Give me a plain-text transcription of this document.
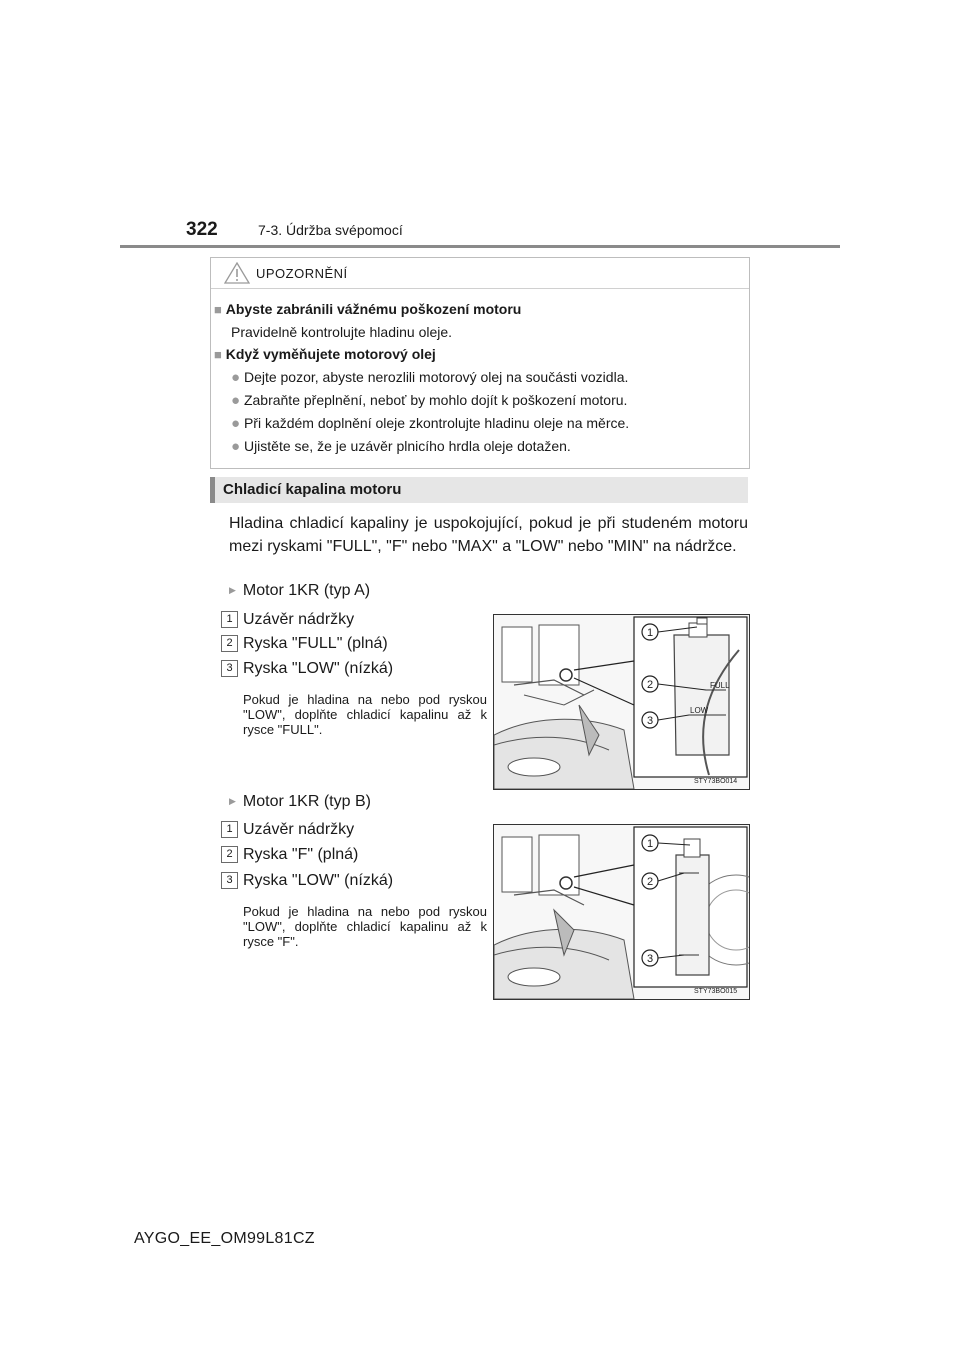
322	7-3. Údržba svépomocí
UPOZORNĚNÍ
■ Abyste zabránili vážnému poškození motoru
Pravidelně kontrolujte hladinu oleje.
■ Když vyměňujete motorový olej
● Dejte pozor, abyste nerozlili motorový olej na součásti vozidla.
● Zabraňte přeplnění, neboť by mohlo dojít k poškození motoru.
● Při každém doplnění oleje zkontrolujte hladinu oleje na měrce.
● Ujistěte se, že je uzávěr plnicího hrdla oleje dotažen.
Chladicí kapalina motoru
Hladina chladicí kapaliny je uspokojující, pokud je při studeném motoru mezi ryskami "FULL", "F" nebo "MAX" a "LOW" nebo "MIN" na nádržce.
▶ Motor 1KR (typ A)
1 Uzávěr nádržky
2 Ryska "FULL" (plná)
3 Ryska "LOW" (nízká)
Pokud je hladina na nebo pod ryskou "LOW", doplňte chladicí kapalinu až k rysce "FULL".
FULL
LOW
1
2
3
STY73BO014
▶ Motor 1KR (typ B)
1 Uzávěr nádržky
2 Ryska "F" (plná)
3 Ryska "LOW" (nízká)
Pokud je hladina na nebo pod ryskou "LOW", doplňte chladicí kapalinu až k rysce "F".
1
2
3
STY73BO015
AYGO_EE_OM99L81CZ
